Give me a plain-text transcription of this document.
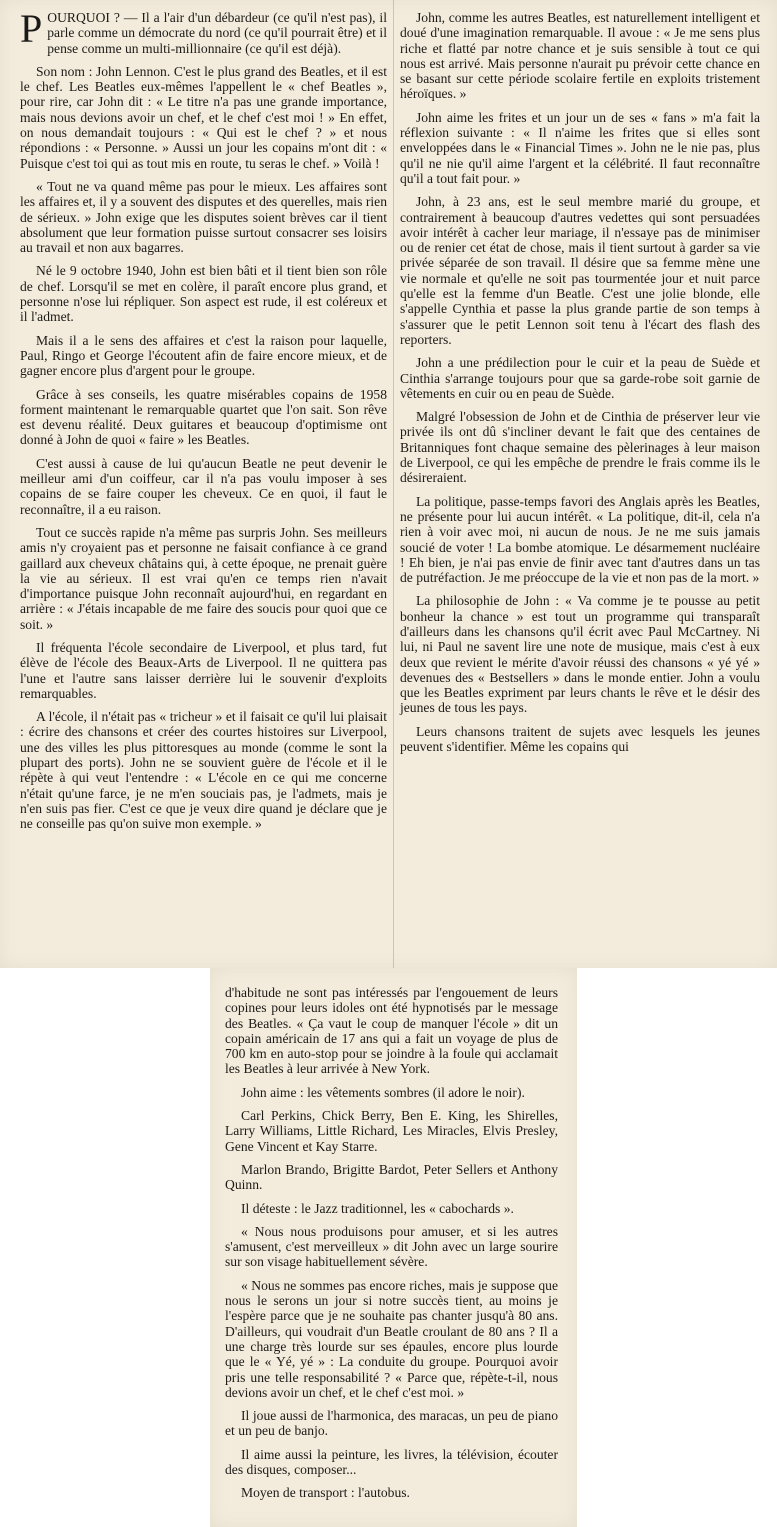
POURQUOI ? — Il a l'air d'un débardeur (ce qu'il n'est pas), il parle comme un démocrate du nord (ce qu'il pourrait être) et il pense comme un multi-millionnaire (ce qu'il est déjà).

Son nom : John Lennon. C'est le plus grand des Beatles, et il est le chef. Les Beatles eux-mêmes l'appellent le « chef Beatles », pour rire, car John dit : « Le titre n'a pas une grande importance, mais nous devions avoir un chef, et le chef c'est moi ! » En effet, on nous demandait toujours : « Qui est le chef ? » et nous répondions : « Personne. » Aussi un jour les copains m'ont dit : « Puisque c'est toi qui as tout mis en route, tu seras le chef. » Voilà !

« Tout ne va quand même pas pour le mieux. Les affaires sont les affaires et, il y a souvent des disputes et des querelles, mais rien de sérieux. » John exige que les disputes soient brèves car il tient absolument que leur formation puisse surtout consacrer ses loisirs au travail et non aux bagarres.

Né le 9 octobre 1940, John est bien bâti et il tient bien son rôle de chef. Lorsqu'il se met en colère, il paraît encore plus grand, et personne n'ose lui répliquer. Son aspect est rude, il est coléreux et il l'admet.

Mais il a le sens des affaires et c'est la raison pour laquelle, Paul, Ringo et George l'écoutent afin de faire encore mieux, et de gagner encore plus d'argent pour le groupe.

Grâce à ses conseils, les quatre misérables copains de 1958 forment maintenant le remarquable quartet que l'on sait. Son rêve est devenu réalité. Deux guitares et beaucoup d'optimisme ont donné à John de quoi « faire » les Beatles.

C'est aussi à cause de lui qu'aucun Beatle ne peut devenir le meilleur ami d'un coiffeur, car il n'a pas voulu imposer à ses copains de se faire couper les cheveux. Ce en quoi, il faut le reconnaître, il a eu raison.

Tout ce succès rapide n'a même pas surpris John. Ses meilleurs amis n'y croyaient pas et personne ne faisait confiance à ce grand gaillard aux cheveux châtains qui, à cette époque, ne prenait guère la vie au sérieux. Il est vrai qu'en ce temps rien n'avait d'importance puisque John reconnaît aujourd'hui, en regardant en arrière : « J'étais incapable de me faire des soucis pour quoi que ce soit. »

Il fréquenta l'école secondaire de Liverpool, et plus tard, fut élève de l'école des Beaux-Arts de Liverpool. Il ne quittera pas l'une et l'autre sans laisser derrière lui le souvenir d'exploits remarquables.

A l'école, il n'était pas « tricheur » et il faisait ce qu'il lui plaisait : écrire des chansons et créer des courtes histoires sur Liverpool, une des villes les plus pittoresques au monde (comme le sont la plupart des ports). John ne se souvient guère de l'école et il le répète à qui veut l'entendre : « L'école en ce qui me concerne n'était qu'une farce, je ne m'en souciais pas, je l'admets, mais je n'en suis pas fier. C'est ce que je veux dire quand je déclare que je ne conseille pas qu'on suive mon exemple. »

John, comme les autres Beatles, est naturellement intelligent et doué d'une imagination remarquable. Il avoue : « Je me sens plus riche et flatté par notre chance et je suis sensible à tout ce qui nous est arrivé. Mais personne n'aurait pu prévoir cette chance en se basant sur cette période scolaire fertile en exploits tristement héroïques. »

John aime les frites et un jour un de ses « fans » m'a fait la réflexion suivante : « Il n'aime les frites que si elles sont enveloppées dans le « Financial Times ». John ne le nie pas, plus qu'il ne nie qu'il aime l'argent et la célébrité. Il faut reconnaître qu'il a tout fait pour. »

John, à 23 ans, est le seul membre marié du groupe, et contrairement à beaucoup d'autres vedettes qui sont persuadées avoir intérêt à cacher leur mariage, il n'essaye pas de minimiser ou de renier cet état de chose, mais il tient surtout à garder sa vie privée séparée de son travail. Il désire que sa femme mène une vie normale et qu'elle ne soit pas tourmentée jour et nuit parce qu'elle est la femme d'un Beatle. C'est une jolie blonde, elle s'appelle Cynthia et passe la plus grande partie de son temps à s'assurer que le petit Lennon soit tenu à l'écart des flash des reporters.

John a une prédilection pour le cuir et la peau de Suède et Cinthia s'arrange toujours pour que sa garde-robe soit garnie de vêtements en cuir ou en peau de Suède.

Malgré l'obsession de John et de Cinthia de préserver leur vie privée ils ont dû s'incliner devant le fait que des centaines de Britanniques font chaque semaine des pèlerinages à leur maison de Liverpool, ce qui les empêche de prendre le frais comme ils le désireraient.

La politique, passe-temps favori des Anglais après les Beatles, ne présente pour lui aucun intérêt. « La politique, dit-il, cela n'a rien à voir avec moi, ni aucun de nous. Je ne me suis jamais soucié de voter ! La bombe atomique. Le désarmement nucléaire ! Eh bien, je n'ai pas envie de finir avec tant d'autres dans un tas de putréfaction. Je me préoccupe de la vie et non pas de la mort. »

La philosophie de John : « Va comme je te pousse au petit bonheur la chance » est tout un programme qui transparaît d'ailleurs dans les chansons qu'il écrit avec Paul McCartney. Ni lui, ni Paul ne savent lire une note de musique, mais c'est à eux deux que revient le mérite d'avoir réussi des chansons « yé yé » devenues des « Bestsellers » dans le monde entier. John a voulu que les Beatles expriment par leurs chants le rêve et le désir des jeunes de tous les pays.

Leurs chansons traitent de sujets avec lesquels les jeunes peuvent s'identifier. Même les copains qui

d'habitude ne sont pas intéressés par l'engouement de leurs copines pour leurs idoles ont été hypnotisés par le message des Beatles. « Ça vaut le coup de manquer l'école » dit un copain américain de 17 ans qui a fait un voyage de plus de 700 km en auto-stop pour se joindre à la foule qui acclamait les Beatles à leur arrivée à New York.

John aime : les vêtements sombres (il adore le noir).

Carl Perkins, Chick Berry, Ben E. King, les Shirelles, Larry Williams, Little Richard, Les Miracles, Elvis Presley, Gene Vincent et Kay Starre.

Marlon Brando, Brigitte Bardot, Peter Sellers et Anthony Quinn.

Il déteste : le Jazz traditionnel, les « cabochards ».

« Nous nous produisons pour amuser, et si les autres s'amusent, c'est merveilleux » dit John avec un large sourire sur son visage habituellement sévère.

« Nous ne sommes pas encore riches, mais je suppose que nous le serons un jour si notre succès tient, au moins je l'espère parce que je ne souhaite pas chanter jusqu'à 80 ans. D'ailleurs, qui voudrait d'un Beatle croulant de 80 ans ? Il a une charge très lourde sur ses épaules, encore plus lourde que le « Yé, yé » : La conduite du groupe. Pourquoi avoir pris une telle responsabilité ? « Parce que, répète-t-il, nous devions avoir un chef, et le chef c'est moi. »

Il joue aussi de l'harmonica, des maracas, un peu de piano et un peu de banjo.

Il aime aussi la peinture, les livres, la télévision, écouter des disques, composer...

Moyen de transport : l'autobus.
